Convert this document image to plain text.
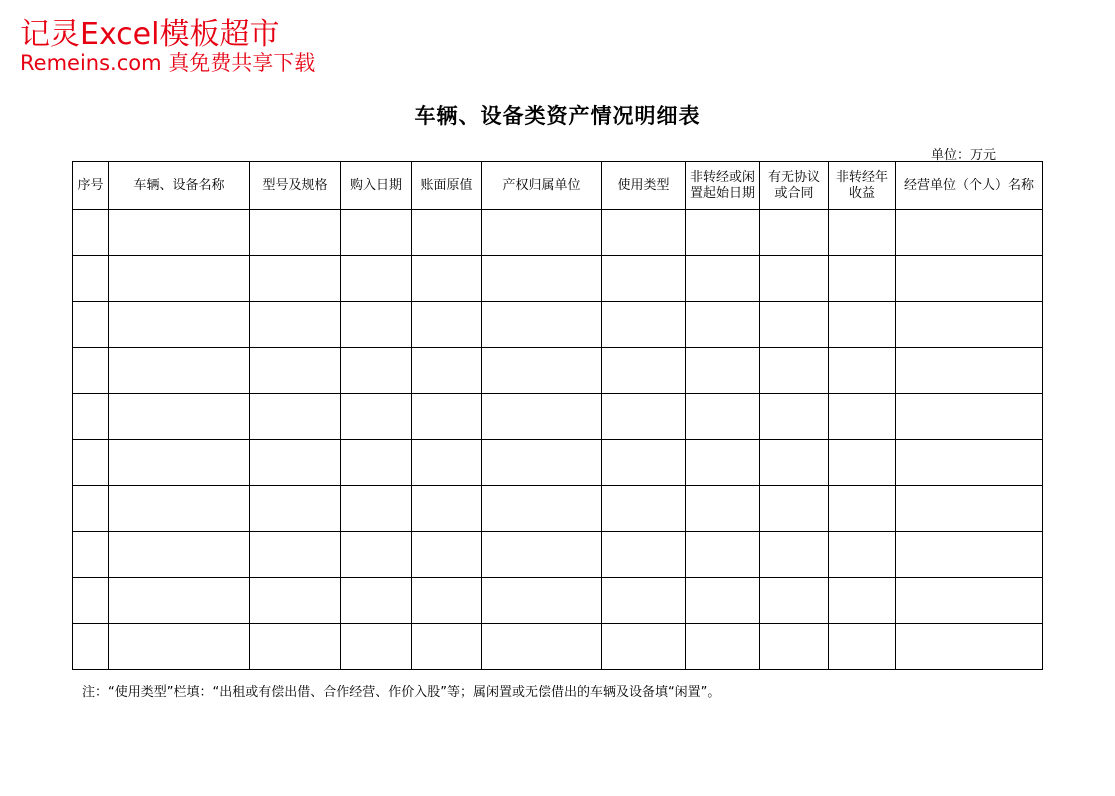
记灵Excel模板超市
Remeins.com 真免费共享下载
车辆、设备类资产情况明细表
单位：万元
序号	车辆、设备名称	型号及规格	购入日期	账面原值	产权归属单位	使用类型	非转经或闲置起始日期	有无协议或合同	非转经年收益	经营单位（个人）名称

注：“使用类型”栏填：“出租或有偿出借、合作经营、作价入股”等；属闲置或无偿借出的车辆及设备填“闲置”。
